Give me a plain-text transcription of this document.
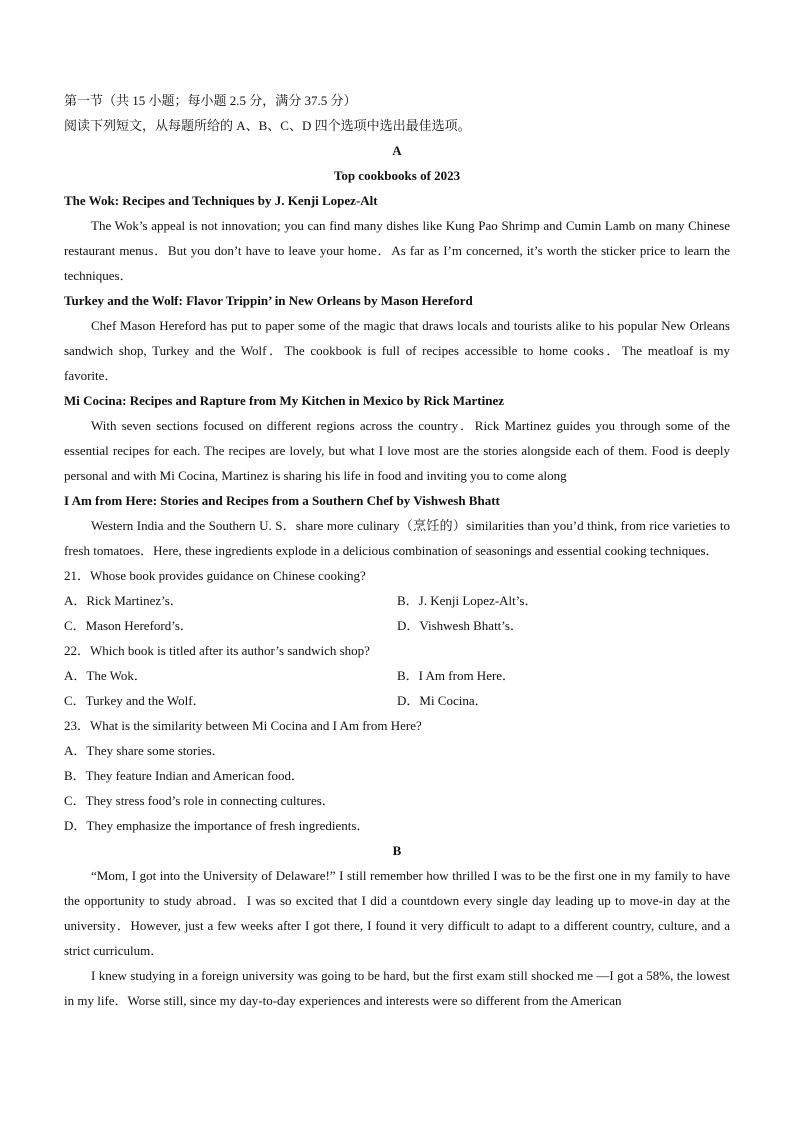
第一节（共 15 小题；每小题 2.5 分，满分 37.5 分）
阅读下列短文，从每题所给的 A、B、C、D 四个选项中选出最佳选项。
A
Top cookbooks of 2023
The Wok: Recipes and Techniques by J. Kenji Lopez-Alt

The Wok’s appeal is not innovation; you can find many dishes like Kung Pao Shrimp and Cumin Lamb on many Chinese restaurant menus．But you don’t have to leave your home．As far as I’m concerned, it’s worth the sticker price to learn the techniques．

Turkey and the Wolf: Flavor Trippin’ in New Orleans by Mason Hereford

Chef Mason Hereford has put to paper some of the magic that draws locals and tourists alike to his popular New Orleans sandwich shop, Turkey and the Wolf．The cookbook is full of recipes accessible to home cooks．The meatloaf is my favorite．

Mi Cocina: Recipes and Rapture from My Kitchen in Mexico by Rick Martinez

With seven sections focused on different regions across the country．Rick Martinez guides you through some of the essential recipes for each. The recipes are lovely, but what I love most are the stories alongside each of them. Food is deeply personal and with Mi Cocina, Martinez is sharing his life in food and inviting you to come along

I Am from Here: Stories and Recipes from a Southern Chef by Vishwesh Bhatt

Western India and the Southern U. S．share more culinary（烹饪的）similarities than you’d think, from rice varieties to fresh tomatoes．Here, these ingredients explode in a delicious combination of seasonings and essential cooking techniques．

21．Whose book provides guidance on Chinese cooking?
A．Rick Martinez’s．	B．J. Kenji Lopez-Alt’s．
C．Mason Hereford’s．	D．Vishwesh Bhatt’s．
22．Which book is titled after its author’s sandwich shop?
A．The Wok．	B．I Am from Here．
C．Turkey and the Wolf．	D．Mi Cocina．
23．What is the similarity between Mi Cocina and I Am from Here?
A．They share some stories．
B．They feature Indian and American food．
C．They stress food’s role in connecting cultures．
D．They emphasize the importance of fresh ingredients．
B

“Mom, I got into the University of Delaware!” I still remember how thrilled I was to be the first one in my family to have the opportunity to study abroad．I was so excited that I did a countdown every single day leading up to move-in day at the university．However, just a few weeks after I got there, I found it very difficult to adapt to a different country, culture, and a strict curriculum．

I knew studying in a foreign university was going to be hard, but the first exam still shocked me —I got a 58%, the lowest in my life．Worse still, since my day-to-day experiences and interests were so different from the American
